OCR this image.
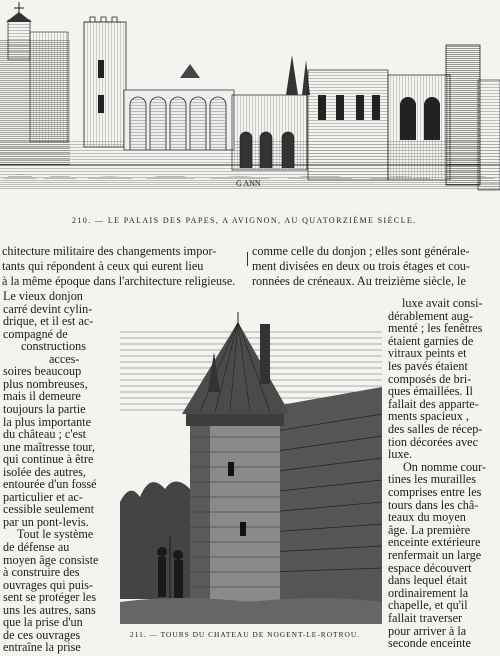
G ANN
210. — LE PALAIS DES PAPES, A AVIGNON, AU QUATORZIÈME SIÈCLE.
chitecture militaire des changements impor-
tants qui répondent à ceux qui eurent lieu
à la même époque dans l'architecture religieuse.
comme celle du donjon ; elles sont générale-
ment divisées en deux ou trois étages et cou-
ronnées de créneaux. Au treizième siècle, le
211. — TOURS DU CHATEAU DE NOGENT-LE-ROTROU.
Le vieux donjon
carré devint cylin-
drique, et il est ac-
compagné de
constructions
acces-
soires beaucoup
plus nombreuses,
mais il demeure
toujours la partie
la plus importante
du château ; c'est
une maîtresse tour,
qui continue à être
isolée des autres,
entourée d'un fossé
particulier et ac-
cessible seulement
par un pont-levis.
Tout le système
de défense au
moyen âge consiste
à construire des
ouvrages qui puis-
sent se protéger les
uns les autres, sans
que la prise d'un
de ces ouvrages
entraîne la prise
luxe avait consi-
dérablement aug-
menté ; les fenêtres
étaient garnies de
vitraux peints et
les pavés étaient
composés de bri-
ques émaillées. Il
fallait des apparte-
ments spacieux ,
des salles de récep-
tion décorées avec
luxe.
On nomme cour-
tines les murailles
comprises entre les
tours dans les châ-
teaux du moyen
âge. La première
enceinte extérieure
renfermait un large
espace découvert
dans lequel était
ordinairement la
chapelle, et qu'il
fallait traverser
pour arriver à la
seconde enceinte
